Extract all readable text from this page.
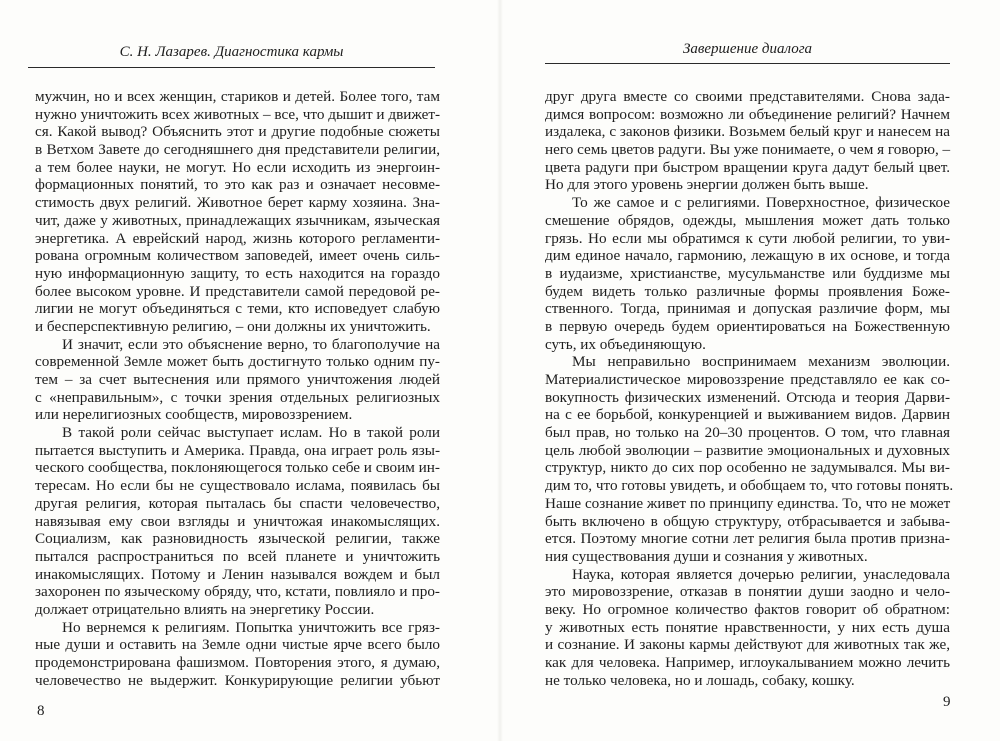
С. Н. Лазарев. Диагностика кармы
мужчин, но и всех женщин, стариков и детей. Более того, там
нужно уничтожить всех животных – все, что дышит и движет-
ся. Какой вывод? Объяснить этот и другие подобные сюжеты
в Ветхом Завете до сегодняшнего дня представители религии,
а тем более науки, не могут. Но если исходить из энергоин-
формационных понятий, то это как раз и означает несовме-
стимость двух религий. Животное берет карму хозяина. Зна-
чит, даже у животных, принадлежащих язычникам, языческая
энергетика. А еврейский народ, жизнь которого регламенти-
рована огромным количеством заповедей, имеет очень силь-
ную информационную защиту, то есть находится на гораздо
более высоком уровне. И представители самой передовой ре-
лигии не могут объединяться с теми, кто исповедует слабую
и бесперспективную религию, – они должны их уничтожить.
И значит, если это объяснение верно, то благополучие на
современной Земле может быть достигнуто только одним пу-
тем – за счет вытеснения или прямого уничтожения людей
с «неправильным», с точки зрения отдельных религиозных
или нерелигиозных сообществ, мировоззрением.
В такой роли сейчас выступает ислам. Но в такой роли
пытается выступить и Америка. Правда, она играет роль язы-
ческого сообщества, поклоняющегося только себе и своим ин-
тересам. Но если бы не существовало ислама, появилась бы
другая религия, которая пыталась бы спасти человечество,
навязывая ему свои взгляды и уничтожая инакомыслящих.
Социализм, как разновидность языческой религии, также
пытался распространиться по всей планете и уничтожить
инакомыслящих. Потому и Ленин назывался вождем и был
захоронен по языческому обряду, что, кстати, повлияло и про-
должает отрицательно влиять на энергетику России.
Но вернемся к религиям. Попытка уничтожить все гряз-
ные души и оставить на Земле одни чистые ярче всего было
продемонстрирована фашизмом. Повторения этого, я думаю,
человечество не выдержит. Конкурирующие религии убьют
8
Завершение диалога
друг друга вместе со своими представителями. Снова зада-
димся вопросом: возможно ли объединение религий? Начнем
издалека, с законов физики. Возьмем белый круг и нанесем на
него семь цветов радуги. Вы уже понимаете, о чем я говорю, –
цвета радуги при быстром вращении круга дадут белый цвет.
Но для этого уровень энергии должен быть выше.
То же самое и с религиями. Поверхностное, физическое
смешение обрядов, одежды, мышления может дать только
грязь. Но если мы обратимся к сути любой религии, то уви-
дим единое начало, гармонию, лежащую в их основе, и тогда
в иудаизме, христианстве, мусульманстве или буддизме мы
будем видеть только различные формы проявления Боже-
ственного. Тогда, принимая и допуская различие форм, мы
в первую очередь будем ориентироваться на Божественную
суть, их объединяющую.
Мы неправильно воспринимаем механизм эволюции.
Материалистическое мировоззрение представляло ее как со-
вокупность физических изменений. Отсюда и теория Дарви-
на с ее борьбой, конкуренцией и выживанием видов. Дарвин
был прав, но только на 20–30 процентов. О том, что главная
цель любой эволюции – развитие эмоциональных и духовных
структур, никто до сих пор особенно не задумывался. Мы ви-
дим то, что готовы увидеть, и обобщаем то, что готовы понять.
Наше сознание живет по принципу единства. То, что не может
быть включено в общую структуру, отбрасывается и забыва-
ется. Поэтому многие сотни лет религия была против призна-
ния существования души и сознания у животных.
Наука, которая является дочерью религии, унаследовала
это мировоззрение, отказав в понятии души заодно и чело-
веку. Но огромное количество фактов говорит об обратном:
у животных есть понятие нравственности, у них есть душа
и сознание. И законы кармы действуют для животных так же,
как для человека. Например, иглоукалыванием можно лечить
не только человека, но и лошадь, собаку, кошку.
9
